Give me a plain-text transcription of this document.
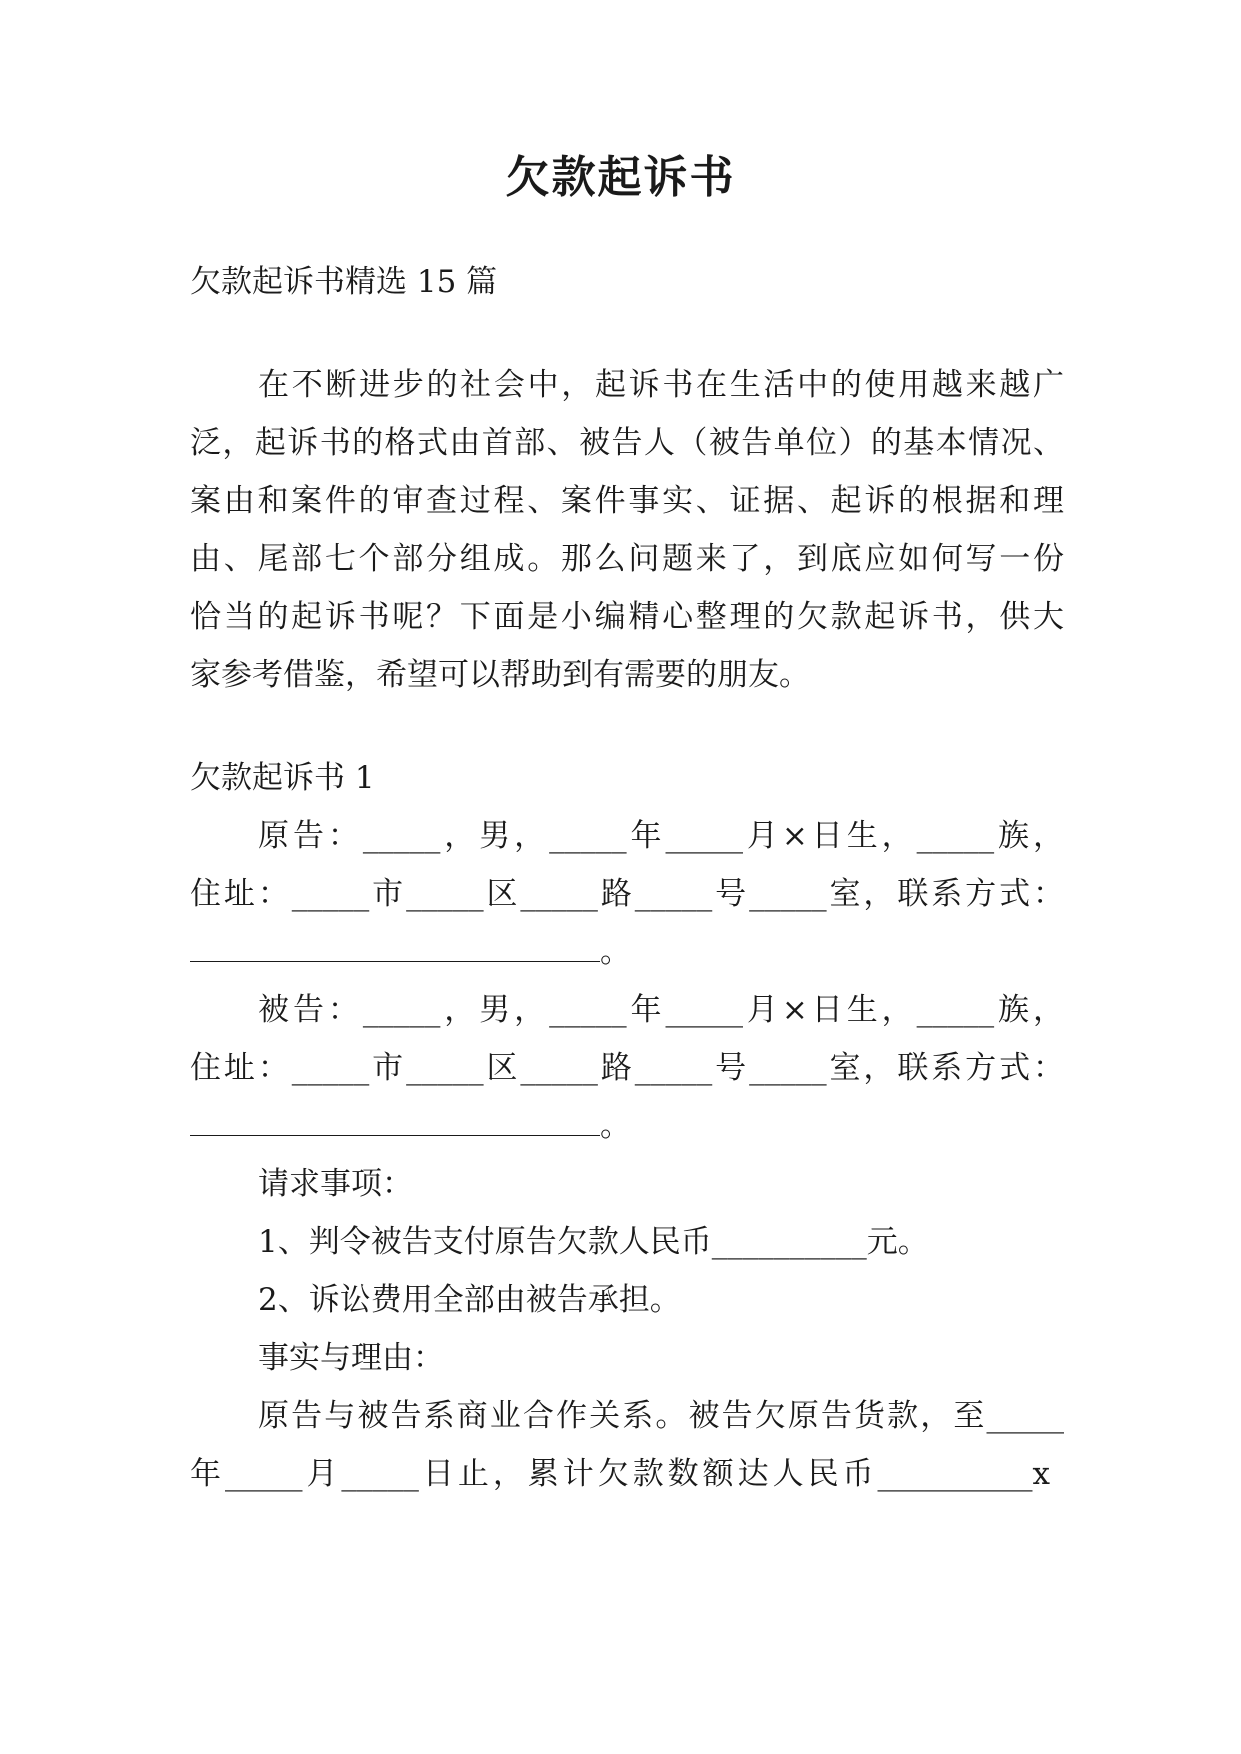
欠款起诉书

欠款起诉书精选 15 篇

在不断进步的社会中，起诉书在生活中的使用越来越广

泛，起诉书的格式由首部、被告人（被告单位）的基本情况、

案由和案件的审查过程、案件事实、证据、起诉的根据和理

由、尾部七个部分组成。那么问题来了，到底应如何写一份

恰当的起诉书呢？下面是小编精心整理的欠款起诉书，供大

家参考借鉴，希望可以帮助到有需要的朋友。

欠款起诉书 1

原告：_____，男，_____年_____月×日生，_____族，

住址：_____市_____区_____路_____号_____室，联系方式：

。

被告：_____，男，_____年_____月×日生，_____族，

住址：_____市_____区_____路_____号_____室，联系方式：

。

请求事项：

1、判令被告支付原告欠款人民币__________元。

2、诉讼费用全部由被告承担。

事实与理由：

原告与被告系商业合作关系。被告欠原告货款，至_____

年_____月_____日止，累计欠款数额达人民币__________x
